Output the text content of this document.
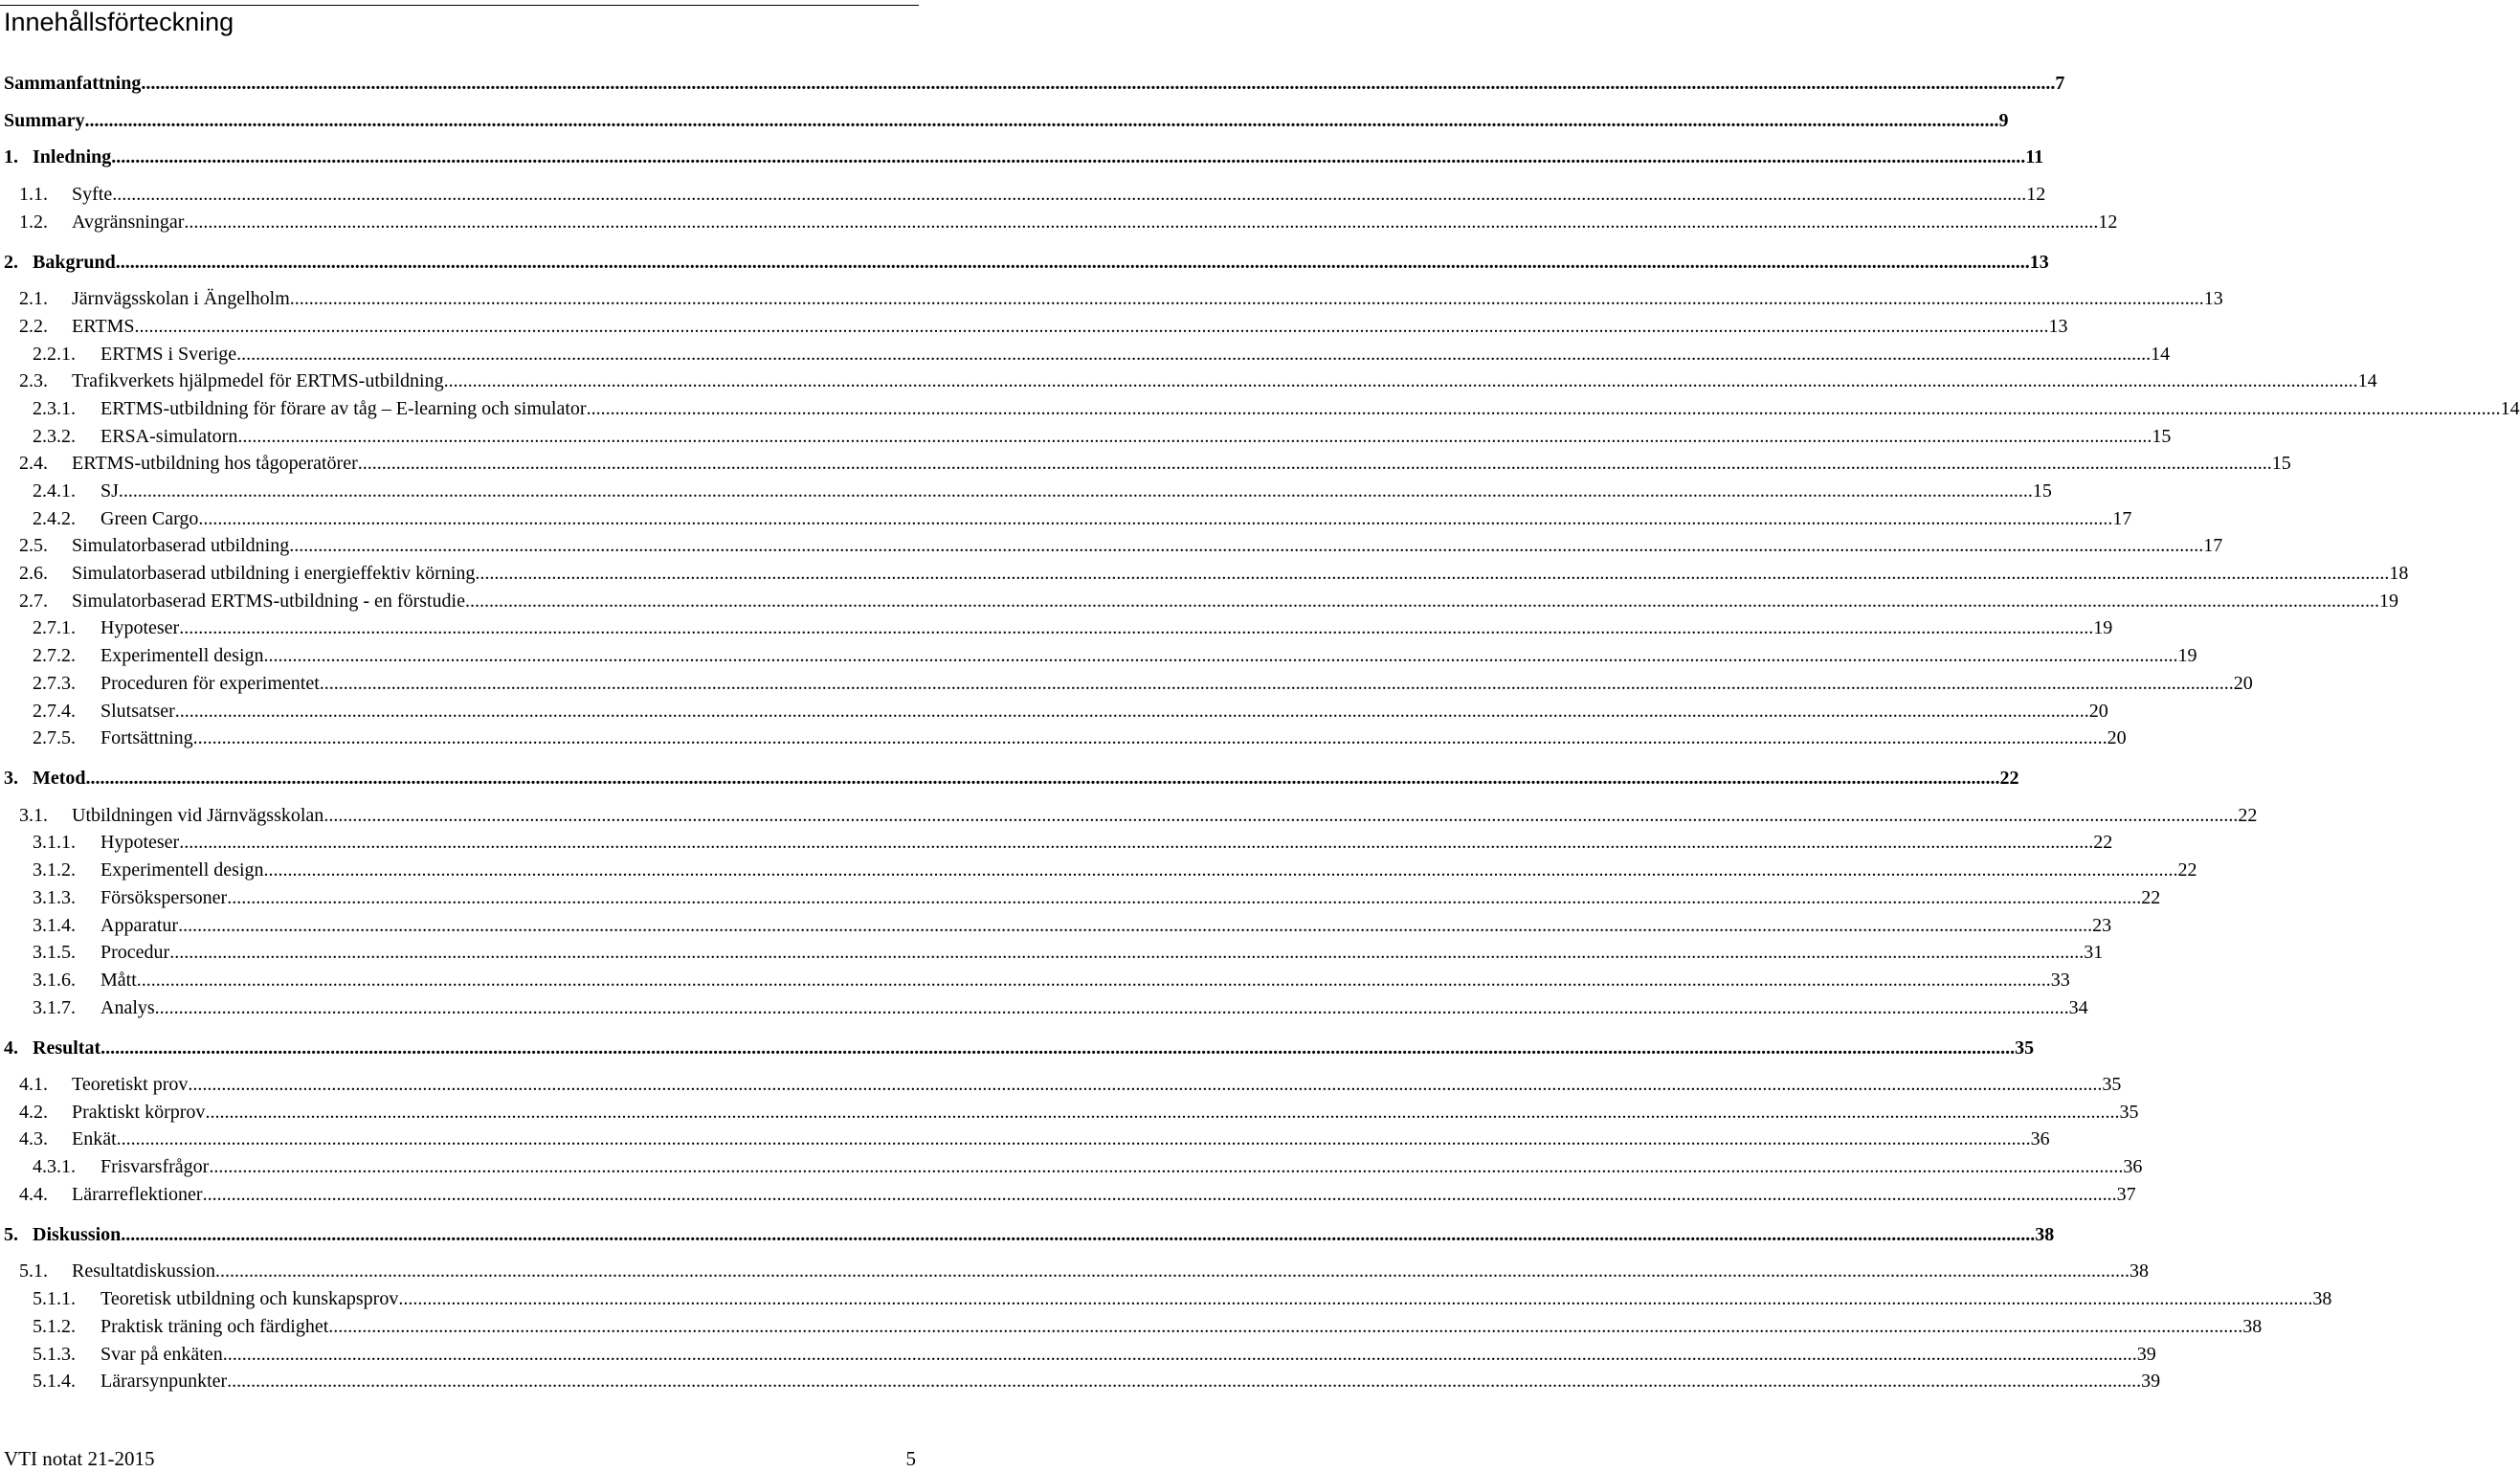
Innehållsförteckning
Sammanfattning ................................................................................................................................................................................................................................................................................................................................................................................................................ 7
Summary ................................................................................................................................................................................................................................................................................................................................................................................................................ 9
1. Inledning ................................................................................................................................................................................................................................................................................................................................................................................................................ 11
1.1.	Syfte ................................................................................................................................................................................................................................................................................................................................................................................................................ 12
1.2.	Avgränsningar ................................................................................................................................................................................................................................................................................................................................................................................................................ 12
2. Bakgrund ................................................................................................................................................................................................................................................................................................................................................................................................................ 13
2.1.	Järnvägsskolan i Ängelholm ................................................................................................................................................................................................................................................................................................................................................................................................................ 13
2.2.	ERTMS ................................................................................................................................................................................................................................................................................................................................................................................................................ 13
2.2.1.	ERTMS i Sverige ................................................................................................................................................................................................................................................................................................................................................................................................................ 14
2.3.	Trafikverkets hjälpmedel för ERTMS-utbildning ................................................................................................................................................................................................................................................................................................................................................................................................................ 14
2.3.1.	ERTMS-utbildning för förare av tåg – E-learning och simulator ................................................................................................................................................................................................................................................................................................................................................................................................................ 14
2.3.2.	ERSA-simulatorn ................................................................................................................................................................................................................................................................................................................................................................................................................ 15
2.4.	ERTMS-utbildning hos tågoperatörer ................................................................................................................................................................................................................................................................................................................................................................................................................ 15
2.4.1.	SJ ................................................................................................................................................................................................................................................................................................................................................................................................................ 15
2.4.2.	Green Cargo ................................................................................................................................................................................................................................................................................................................................................................................................................ 17
2.5.	Simulatorbaserad utbildning ................................................................................................................................................................................................................................................................................................................................................................................................................ 17
2.6.	Simulatorbaserad utbildning i energieffektiv körning ................................................................................................................................................................................................................................................................................................................................................................................................................ 18
2.7.	Simulatorbaserad ERTMS-utbildning - en förstudie ................................................................................................................................................................................................................................................................................................................................................................................................................ 19
2.7.1.	Hypoteser ................................................................................................................................................................................................................................................................................................................................................................................................................ 19
2.7.2.	Experimentell design ................................................................................................................................................................................................................................................................................................................................................................................................................ 19
2.7.3.	Proceduren för experimentet ................................................................................................................................................................................................................................................................................................................................................................................................................ 20
2.7.4.	Slutsatser ................................................................................................................................................................................................................................................................................................................................................................................................................ 20
2.7.5.	Fortsättning ................................................................................................................................................................................................................................................................................................................................................................................................................ 20
3. Metod ................................................................................................................................................................................................................................................................................................................................................................................................................ 22
3.1.	Utbildningen vid Järnvägsskolan ................................................................................................................................................................................................................................................................................................................................................................................................................ 22
3.1.1.	Hypoteser ................................................................................................................................................................................................................................................................................................................................................................................................................ 22
3.1.2.	Experimentell design ................................................................................................................................................................................................................................................................................................................................................................................................................ 22
3.1.3.	Försökspersoner ................................................................................................................................................................................................................................................................................................................................................................................................................ 22
3.1.4.	Apparatur ................................................................................................................................................................................................................................................................................................................................................................................................................ 23
3.1.5.	Procedur ................................................................................................................................................................................................................................................................................................................................................................................................................ 31
3.1.6.	Mått ................................................................................................................................................................................................................................................................................................................................................................................................................ 33
3.1.7.	Analys ................................................................................................................................................................................................................................................................................................................................................................................................................ 34
4. Resultat ................................................................................................................................................................................................................................................................................................................................................................................................................ 35
4.1.	Teoretiskt prov ................................................................................................................................................................................................................................................................................................................................................................................................................ 35
4.2.	Praktiskt körprov ................................................................................................................................................................................................................................................................................................................................................................................................................ 35
4.3.	Enkät ................................................................................................................................................................................................................................................................................................................................................................................................................ 36
4.3.1.	Frisvarsfrågor ................................................................................................................................................................................................................................................................................................................................................................................................................ 36
4.4.	Lärarreflektioner ................................................................................................................................................................................................................................................................................................................................................................................................................ 37
5. Diskussion ................................................................................................................................................................................................................................................................................................................................................................................................................ 38
5.1.	Resultatdiskussion ................................................................................................................................................................................................................................................................................................................................................................................................................ 38
5.1.1.	Teoretisk utbildning och kunskapsprov ................................................................................................................................................................................................................................................................................................................................................................................................................ 38
5.1.2.	Praktisk träning och färdighet ................................................................................................................................................................................................................................................................................................................................................................................................................ 38
5.1.3.	Svar på enkäten ................................................................................................................................................................................................................................................................................................................................................................................................................ 39
5.1.4.	Lärarsynpunkter ................................................................................................................................................................................................................................................................................................................................................................................................................ 39
VTI notat 21-2015	5
